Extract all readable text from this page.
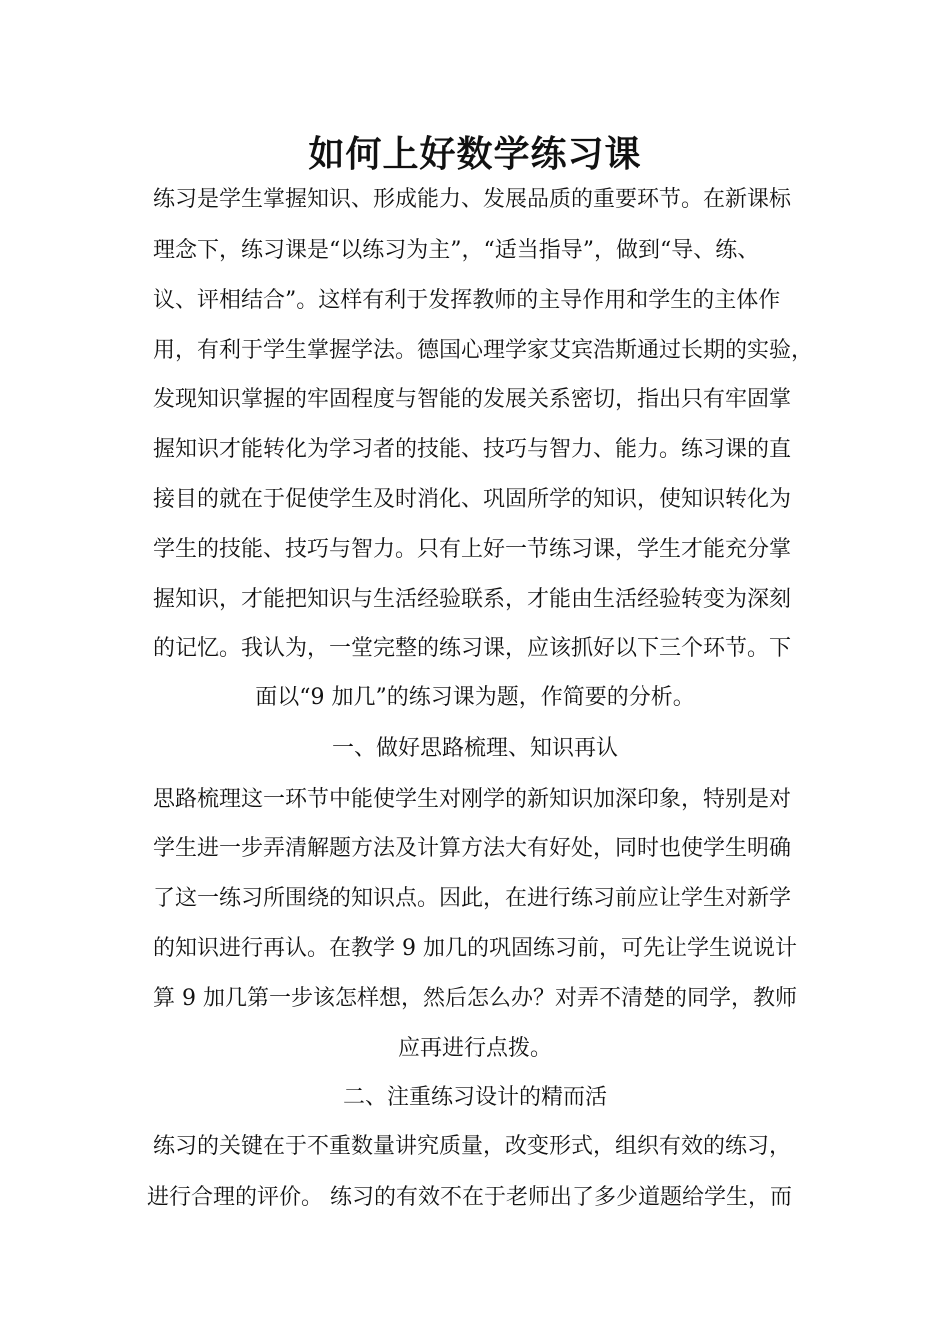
如何上好数学练习课
练习是学生掌握知识、形成能力、发展品质的重要环节。在新课标
理念下，练习课是“以练习为主”，“适当指导”，做到“导、练、
议、评相结合”。这样有利于发挥教师的主导作用和学生的主体作
用，有利于学生掌握学法。德国心理学家艾宾浩斯通过长期的实验，
发现知识掌握的牢固程度与智能的发展关系密切，指出只有牢固掌
握知识才能转化为学习者的技能、技巧与智力、能力。练习课的直
接目的就在于促使学生及时消化、巩固所学的知识，使知识转化为
学生的技能、技巧与智力。只有上好一节练习课，学生才能充分掌
握知识，才能把知识与生活经验联系，才能由生活经验转变为深刻
的记忆。我认为，一堂完整的练习课，应该抓好以下三个环节。下
面以“9 加几”的练习课为题，作简要的分析。
一、做好思路梳理、知识再认
思路梳理这一环节中能使学生对刚学的新知识加深印象，特别是对
学生进一步弄清解题方法及计算方法大有好处，同时也使学生明确
了这一练习所围绕的知识点。因此，在进行练习前应让学生对新学
的知识进行再认。在教学 9 加几的巩固练习前，可先让学生说说计
算 9 加几第一步该怎样想，然后怎么办？对弄不清楚的同学，教师
应再进行点拨。
二、注重练习设计的精而活
练习的关键在于不重数量讲究质量，改变形式，组织有效的练习，
进行合理的评价。 练习的有效不在于老师出了多少道题给学生，而
